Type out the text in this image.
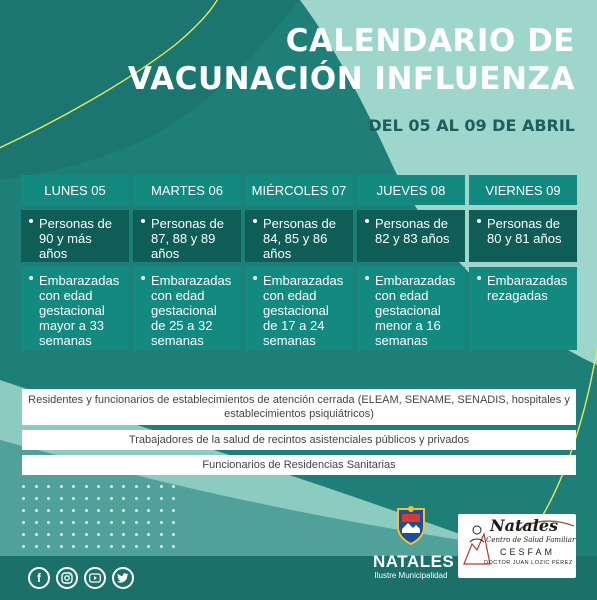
CALENDARIO DE
VACUNACIÓN INFLUENZA
DEL 05 AL 09 DE ABRIL
LUNES 05
Personas de 90 y más años
Embarazadas con edad gestacional mayor a 33 semanas
MARTES 06
Personas de 87, 88 y 89 años
Embarazadas con edad gestacional de 25 a 32 semanas
MIÉRCOLES 07
Personas de 84, 85 y 86 años
Embarazadas con edad gestacional de 17 a 24 semanas
JUEVES 08
Personas de 82 y 83 años
Embarazadas con edad gestacional menor a 16 semanas
VIERNES 09
Personas de 80 y 81 años
Embarazadas rezagadas
Residentes y funcionarios de establecimientos de atención cerrada (ELEAM, SENAME, SENADIS, hospitales y establecimientos psiquiátricos)
Trabajadores de la salud de recintos asistenciales públicos y privados
Funcionarios de Residencias Sanitarias
f
NATALES
Ilustre Municipalidad
Natales
Centro de Salud Familiar
CESFAM
DOCTOR JUAN LOZIC PÉREZ
